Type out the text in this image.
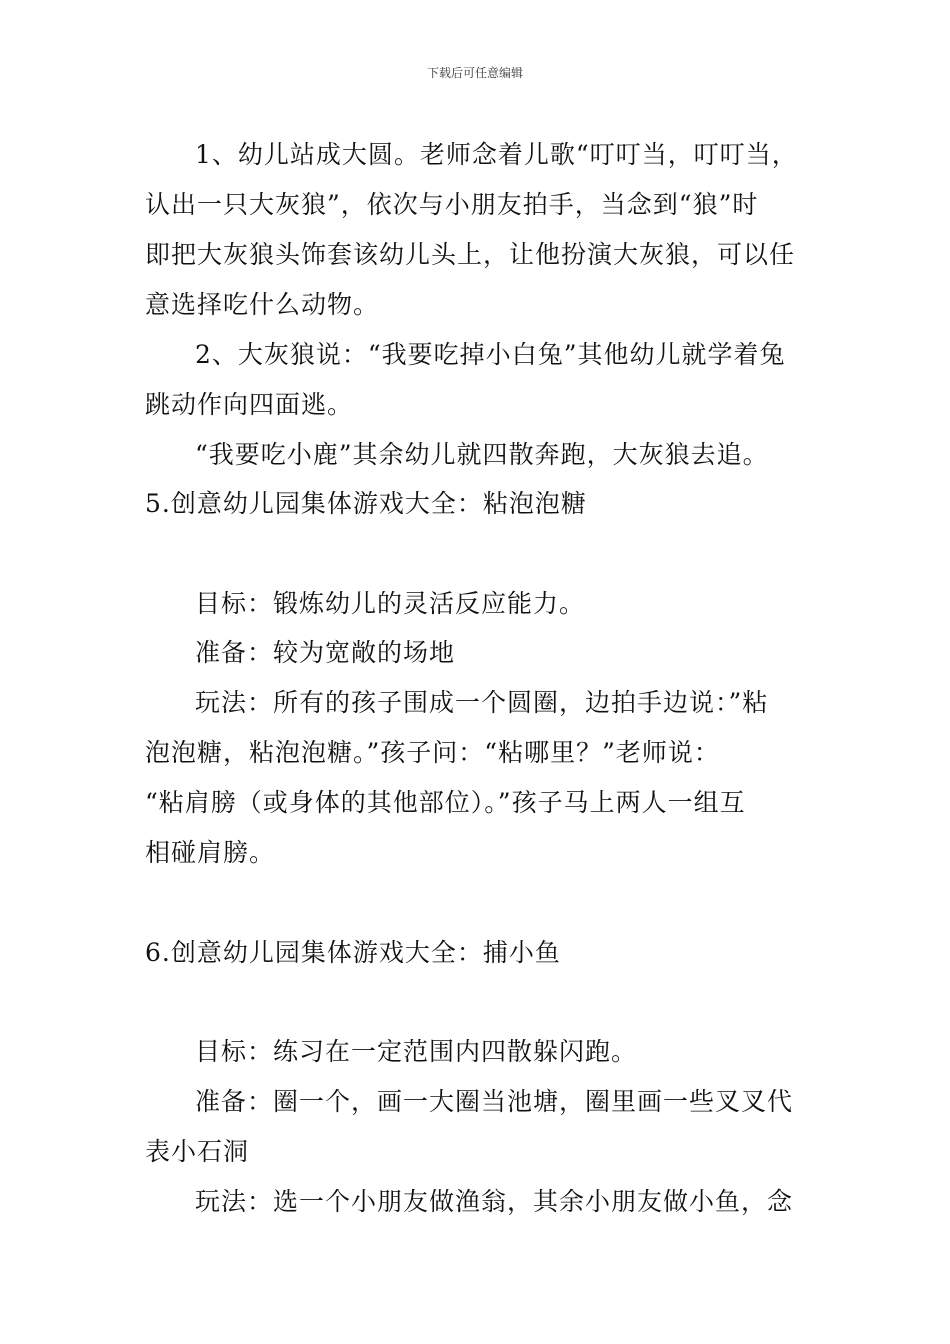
下载后可任意编辑
1、幼儿站成大圆。老师念着儿歌“叮叮当，叮叮当，
认出一只大灰狼”，依次与小朋友拍手，当念到“狼”时
即把大灰狼头饰套该幼儿头上，让他扮演大灰狼，可以任
意选择吃什么动物。
2、大灰狼说：“我要吃掉小白兔”其他幼儿就学着兔
跳动作向四面逃。
“我要吃小鹿”其余幼儿就四散奔跑，大灰狼去追。
5.创意幼儿园集体游戏大全：粘泡泡糖
目标：锻炼幼儿的灵活反应能力。
准备：较为宽敞的场地
玩法：所有的孩子围成一个圆圈，边拍手边说：”粘
泡泡糖，粘泡泡糖。”孩子问：“粘哪里？”老师说：
“粘肩膀（或身体的其他部位）。”孩子马上两人一组互
相碰肩膀。
6.创意幼儿园集体游戏大全：捕小鱼
目标：练习在一定范围内四散躲闪跑。
准备：圈一个，画一大圈当池塘，圈里画一些叉叉代
表小石洞
玩法：选一个小朋友做渔翁，其余小朋友做小鱼，念
